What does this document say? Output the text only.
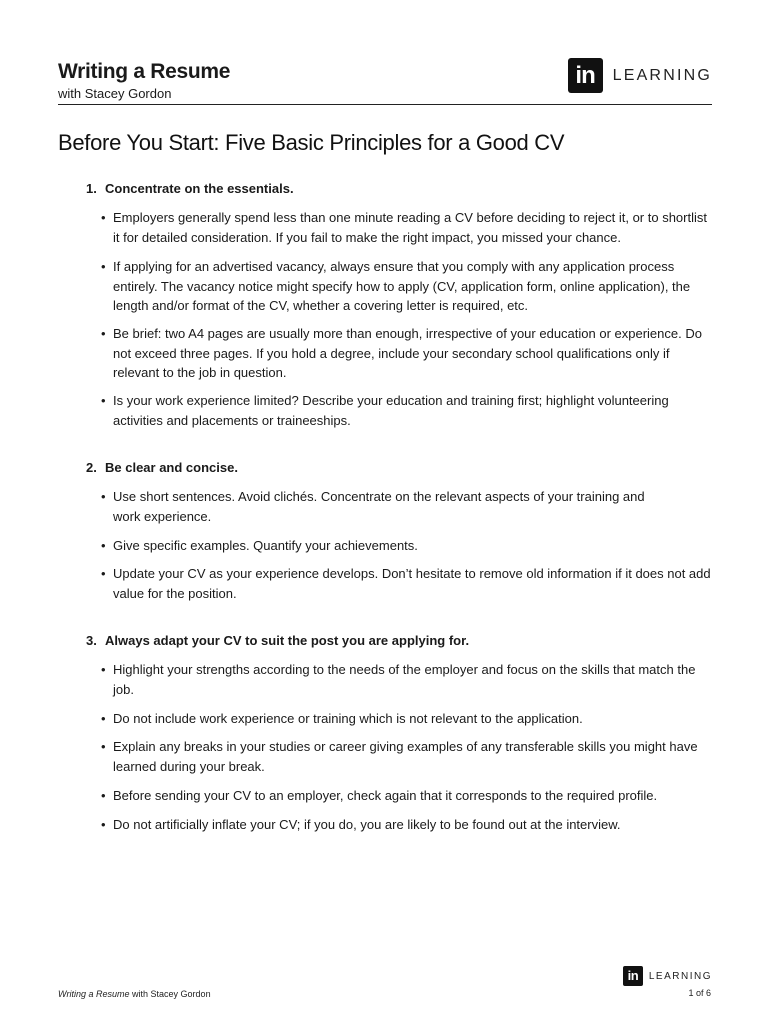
Writing a Resume
with Stacey Gordon
in	LEARNING
Before You Start: Five Basic Principles for a Good CV
1. Concentrate on the essentials.
• Employers generally spend less than one minute reading a CV before deciding to reject it, or to shortlist it for detailed consideration. If you fail to make the right impact, you missed your chance.
• If applying for an advertised vacancy, always ensure that you comply with any application process entirely. The vacancy notice might specify how to apply (CV, application form, online application), the length and/or format of the CV, whether a covering letter is required, etc.
• Be brief: two A4 pages are usually more than enough, irrespective of your education or experience. Do not exceed three pages. If you hold a degree, include your secondary school qualifications only if relevant to the job in question.
• Is your work experience limited? Describe your education and training first; highlight volunteering activities and placements or traineeships.
2. Be clear and concise.
• Use short sentences. Avoid clichés. Concentrate on the relevant aspects of your training and work experience.
• Give specific examples. Quantify your achievements.
• Update your CV as your experience develops. Don’t hesitate to remove old information if it does not add value for the position.
3. Always adapt your CV to suit the post you are applying for.
• Highlight your strengths according to the needs of the employer and focus on the skills that match the job.
• Do not include work experience or training which is not relevant to the application.
• Explain any breaks in your studies or career giving examples of any transferable skills you might have learned during your break.
• Before sending your CV to an employer, check again that it corresponds to the required profile.
• Do not artificially inflate your CV; if you do, you are likely to be found out at the interview.
Writing a Resume with Stacey Gordon
in	LEARNING
1 of 6
